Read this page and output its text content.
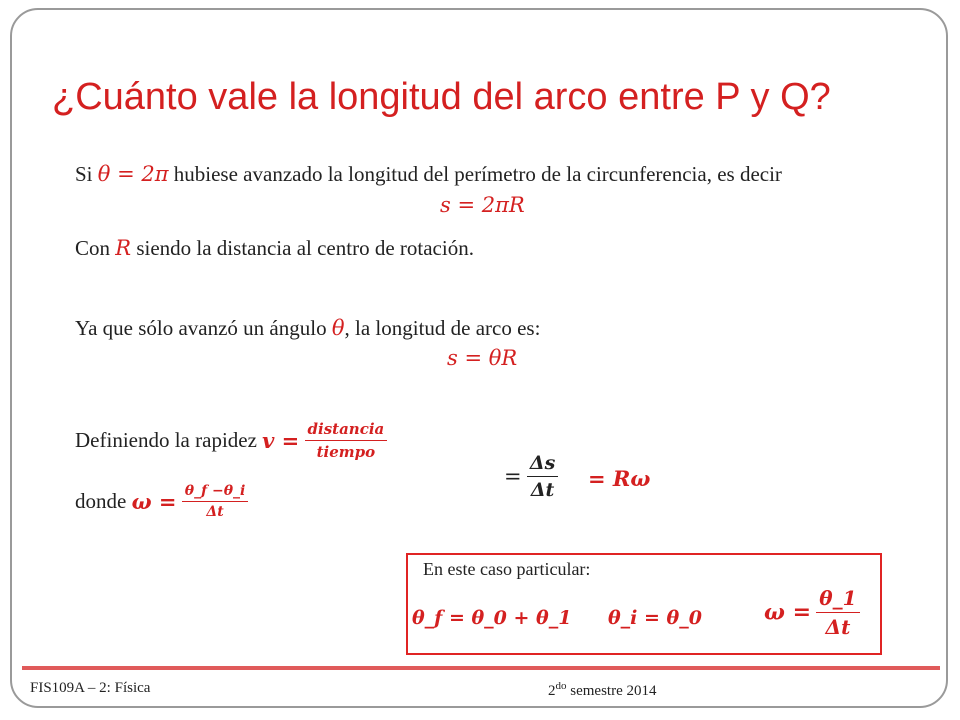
¿Cuánto vale la longitud del arco entre P y Q?
Si θ = 2π hubiese avanzado la longitud del perímetro de la circunferencia, es decir
s = 2πR
Con R siendo la distancia al centro de rotación.
Ya que sólo avanzó un ángulo θ, la longitud de arco es:
s = θR
Definiendo la rapidez $v = \frac{\text{distancia}}{\text{tiempo}}$
= $\frac{\Delta s}{\Delta t} = R\omega$
donde $\omega = \frac{\theta\_f -\theta\_i}{\Delta t}$
En este caso particular:
θ_f = θ_0 + θ_1 θ_i = θ_0	$\omega = \frac{\theta\_1}{\Delta t}$
FIS109A – 2: Física	$2^{do}$ semestre 2014
